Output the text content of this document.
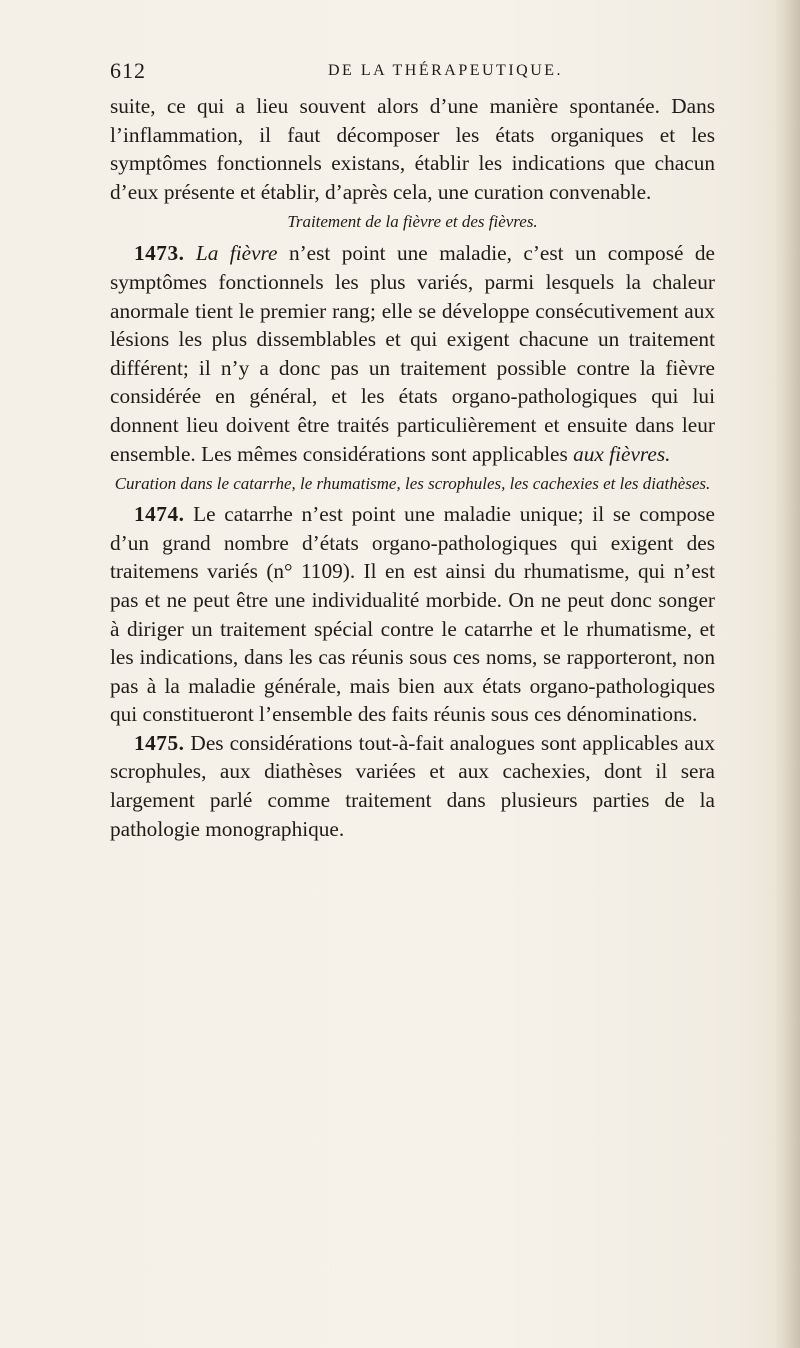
612	DE LA THÉRAPEUTIQUE.

suite, ce qui a lieu souvent alors d’une manière spontanée. Dans l’inflammation, il faut décomposer les états organiques et les symptômes fonctionnels existans, établir les indications que chacun d’eux présente et établir, d’après cela, une curation convenable.

Traitement de la fièvre et des fièvres.

1473. La fièvre n’est point une maladie, c’est un composé de symptômes fonctionnels les plus variés, parmi lesquels la chaleur anormale tient le premier rang; elle se développe consécutivement aux lésions les plus dissemblables et qui exigent chacune un traitement différent; il n’y a donc pas un traitement possible contre la fièvre considérée en général, et les états organo-pathologiques qui lui donnent lieu doivent être traités particulièrement et ensuite dans leur ensemble. Les mêmes considérations sont applicables aux fièvres.

Curation dans le catarrhe, le rhumatisme, les scrophules, les cachexies et les diathèses.

1474. Le catarrhe n’est point une maladie unique; il se compose d’un grand nombre d’états organo-pathologiques qui exigent des traitemens variés (n° 1109). Il en est ainsi du rhumatisme, qui n’est pas et ne peut être une individualité morbide. On ne peut donc songer à diriger un traitement spécial contre le catarrhe et le rhumatisme, et les indications, dans les cas réunis sous ces noms, se rapporteront, non pas à la maladie générale, mais bien aux états organo-pathologiques qui constitueront l’ensemble des faits réunis sous ces dénominations.

1475. Des considérations tout-à-fait analogues sont applicables aux scrophules, aux diathèses variées et aux cachexies, dont il sera largement parlé comme traitement dans plusieurs parties de la pathologie monographique.
